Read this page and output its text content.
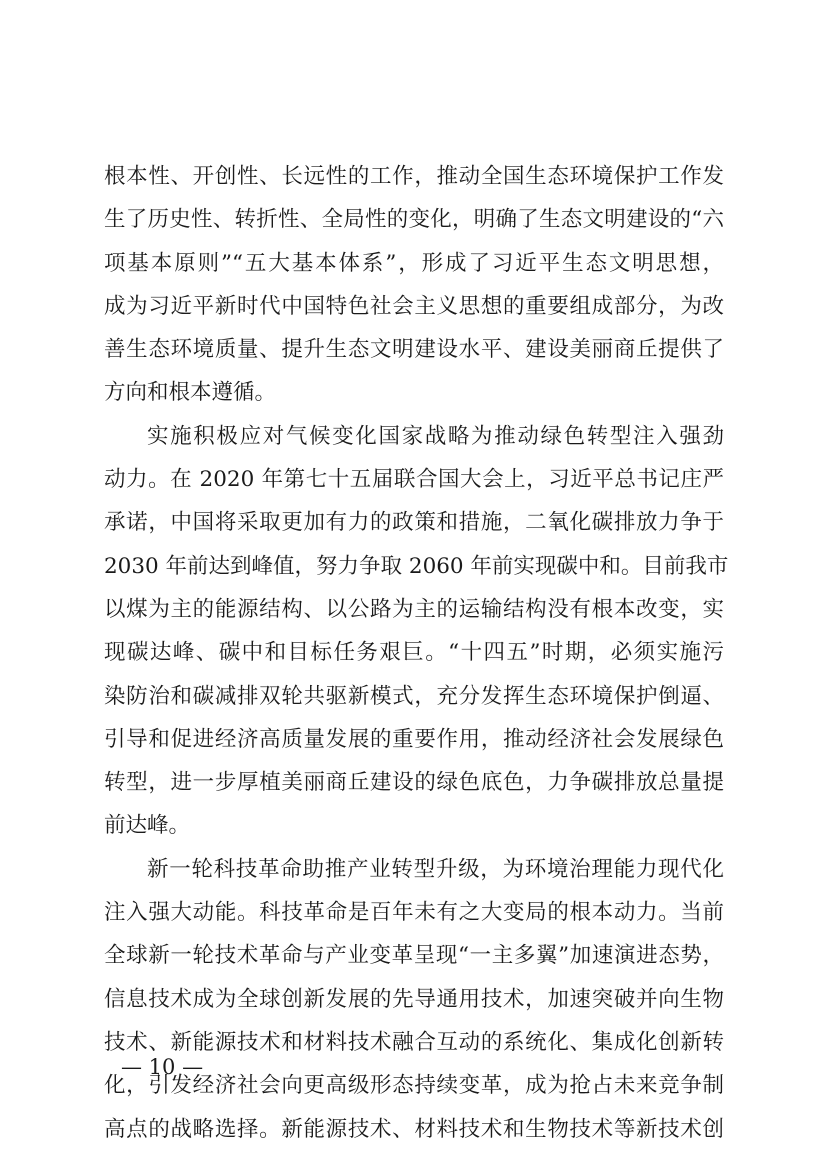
根本性、开创性、长远性的工作，推动全国生态环境保护工作发
生了历史性、转折性、全局性的变化，明确了生态文明建设的“六
项基本原则”“五大基本体系”，形成了习近平生态文明思想，
成为习近平新时代中国特色社会主义思想的重要组成部分，为改
善生态环境质量、提升生态文明建设水平、建设美丽商丘提供了
方向和根本遵循。
实施积极应对气候变化国家战略为推动绿色转型注入强劲
动力。在 2020 年第七十五届联合国大会上，习近平总书记庄严
承诺，中国将采取更加有力的政策和措施，二氧化碳排放力争于
2030 年前达到峰值，努力争取 2060 年前实现碳中和。目前我市
以煤为主的能源结构、以公路为主的运输结构没有根本改变，实
现碳达峰、碳中和目标任务艰巨。“十四五”时期，必须实施污
染防治和碳减排双轮共驱新模式，充分发挥生态环境保护倒逼、
引导和促进经济高质量发展的重要作用，推动经济社会发展绿色
转型，进一步厚植美丽商丘建设的绿色底色，力争碳排放总量提
前达峰。
新一轮科技革命助推产业转型升级，为环境治理能力现代化
注入强大动能。科技革命是百年未有之大变局的根本动力。当前
全球新一轮技术革命与产业变革呈现“一主多翼”加速演进态势，
信息技术成为全球创新发展的先导通用技术，加速突破并向生物
技术、新能源技术和材料技术融合互动的系统化、集成化创新转
化，引发经济社会向更高级形态持续变革，成为抢占未来竞争制
高点的战略选择。新能源技术、材料技术和生物技术等新技术创
— 10 —
